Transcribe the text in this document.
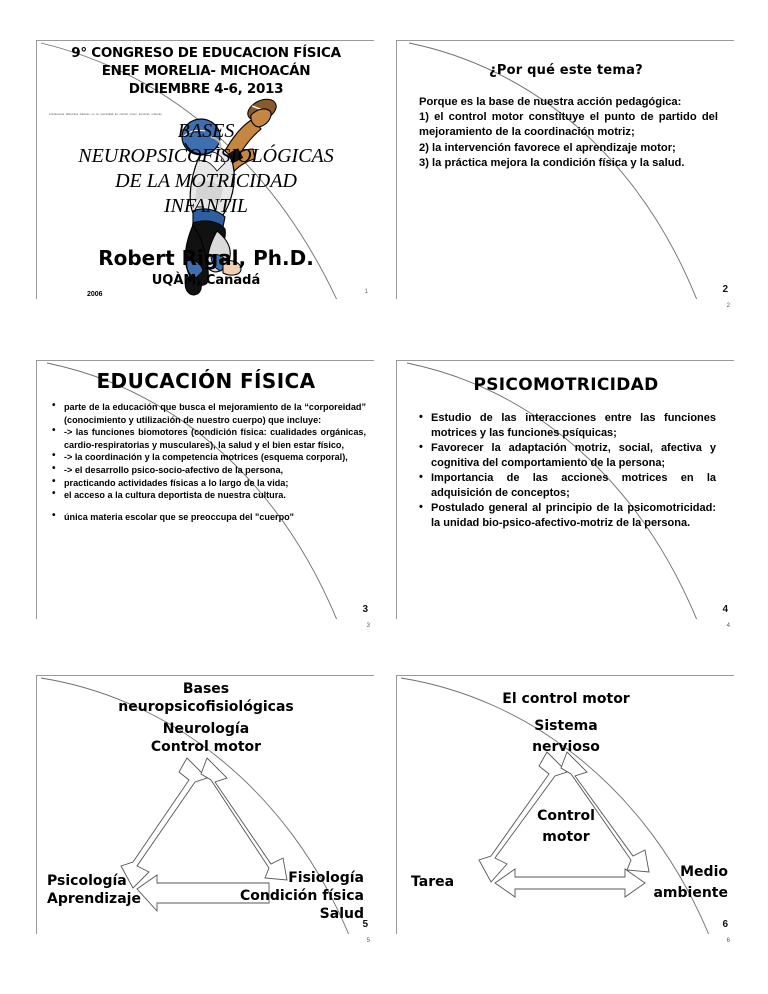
9° CONGRESO DE EDUCACION FÍSICA
ENEF MORELIA- MICHOACÁN
DICIEMBRE 4-6, 2013
Conferencia diferentes básicas en la motricidad El control motor acciones motoras
BASES
NEUROPSICOFISIOLÓGICAS
DE LA MOTRICIDAD
INFANTIL
Robert Rigal, Ph.D.
UQÀM, Canadá
2006	1
¿Por qué este tema?

Porque es la base de nuestra acción pedagógica:

1) el control motor constituye el punto de partido del mejoramiento de la coordinación motriz;

2) la intervención favorece el aprendizaje motor;

3) la práctica mejora la condición física y la salud.

2
2
EDUCACIÓN FÍSICA
• parte de la educación que busca el mejoramiento de la “corporeidad” (conocimiento y utilización de nuestro cuerpo) que incluye:
• -> las funciones biomotores (condición física: cualidades orgánicas, cardio-respiratorias y musculares), la salud y el bien estar físico,
• -> la coordinación y la competencia motrices (esquema corporal),
• -> el desarrollo psico-socio-afectivo de la persona,
• practicando actividades físicas a lo largo de la vida;
• el acceso a la cultura deportista de nuestra cultura.
• única materia escolar que se preoccupa del "cuerpo"
3
3
PSICOMOTRICIDAD
• Estudio de las interacciones entre las funciones motrices y las funciones psíquicas;
• Favorecer la adaptación motriz, social, afectiva y cognitiva del comportamiento de la persona;
• Importancia de las acciones motrices en la adquisición de conceptos;
• Postulado general al principio de la psicomotricidad: la unidad bio-psico-afectivo-motriz de la persona.
4
4
Bases
neuropsicofisiológicas
Neurología
Control motor
Psicología
Aprendizaje
Fisiología
Condición física
Salud
5
5
El control motor
Sistema
nervioso
Control
motor
Tarea
Medio
ambiente
6
6
